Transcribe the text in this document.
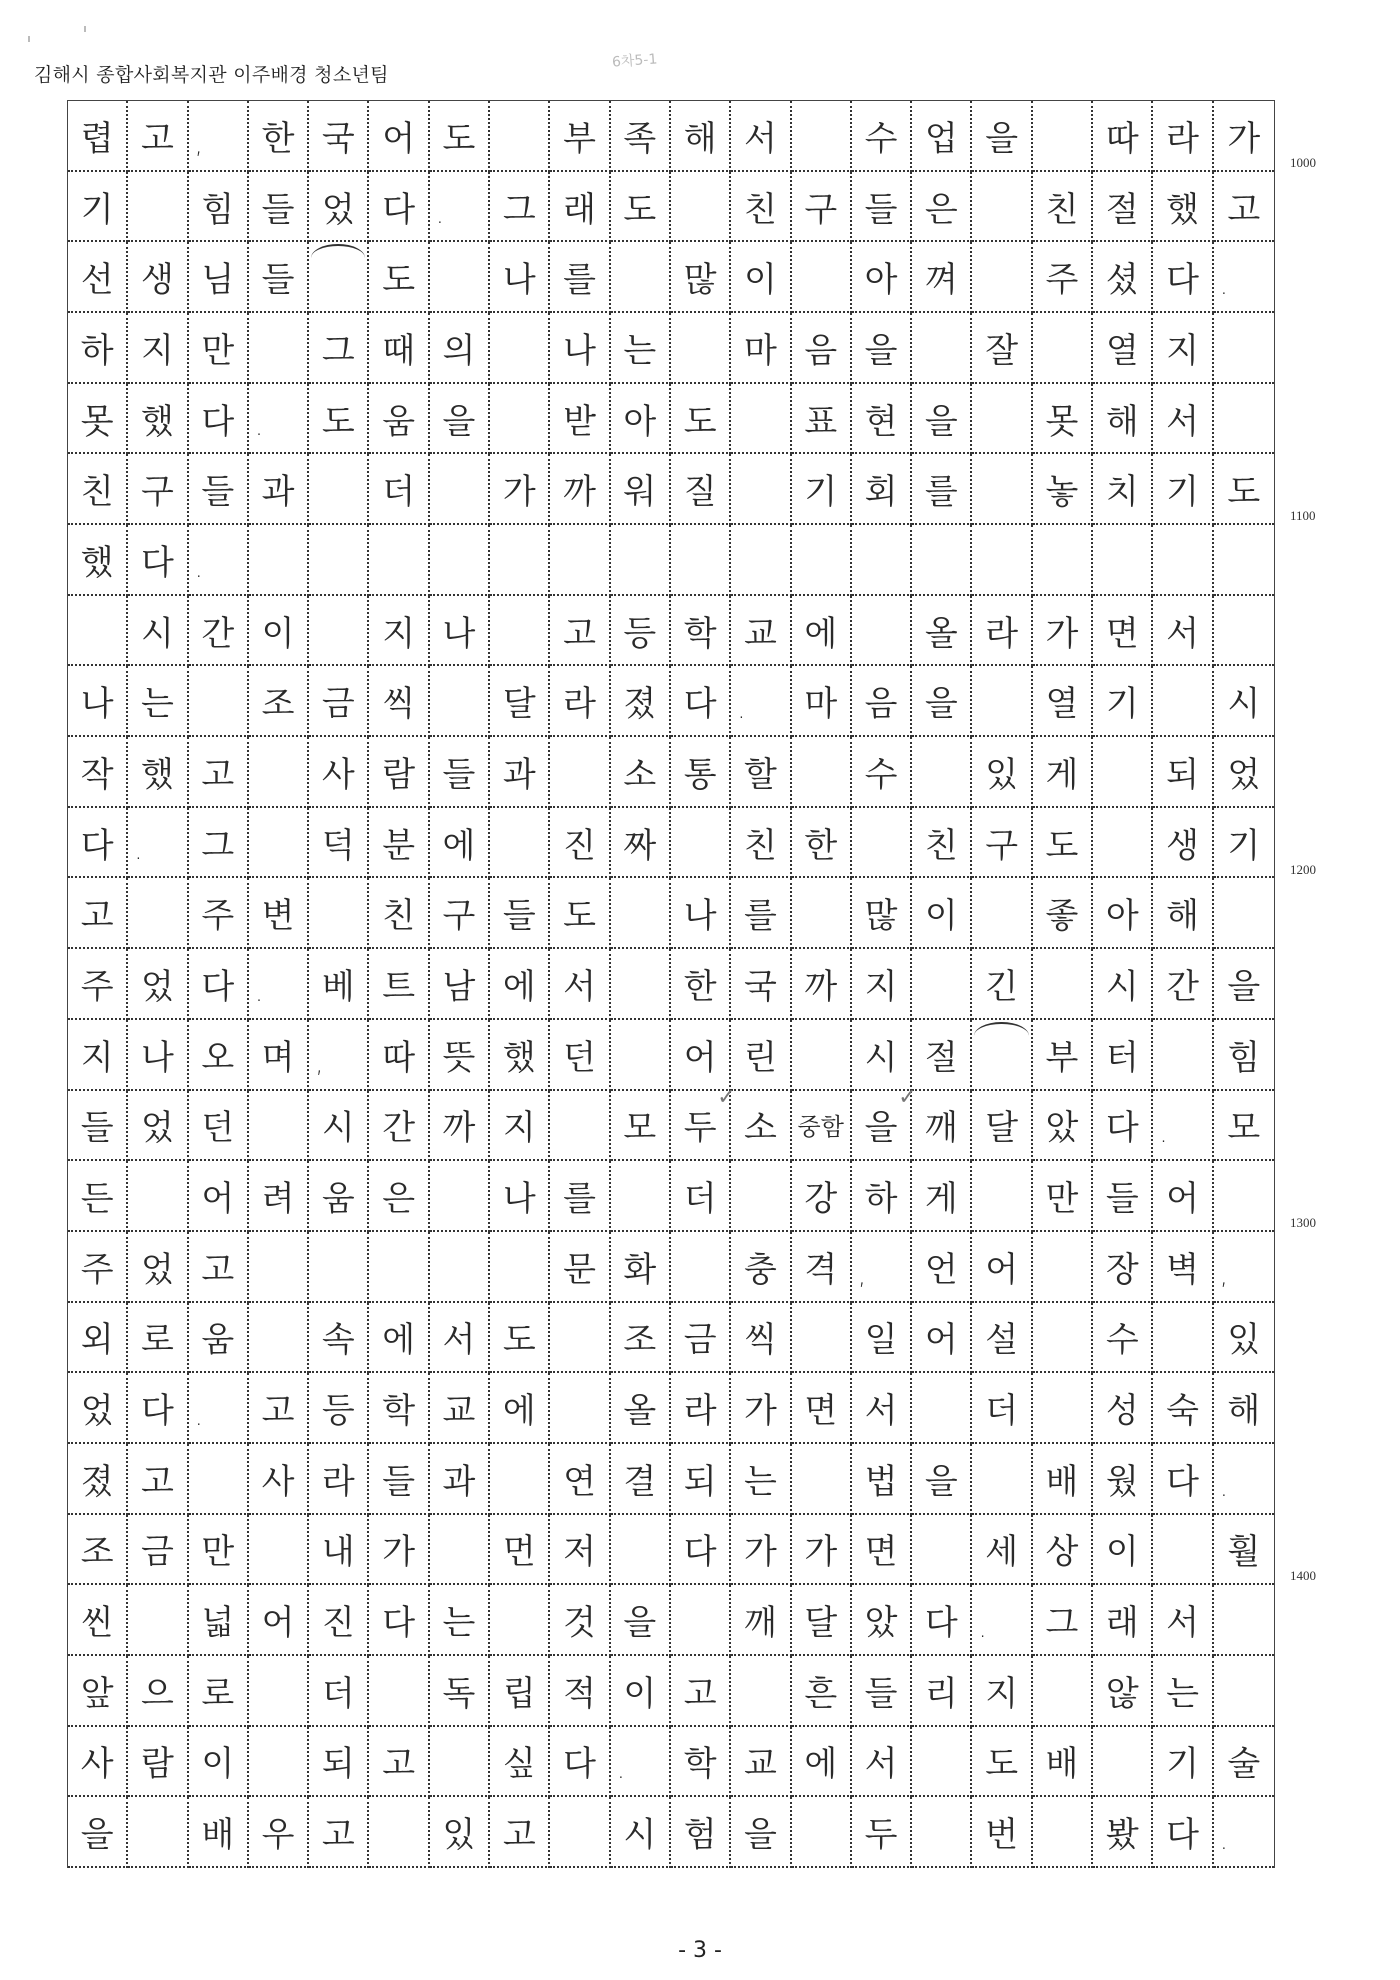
김해시 종합사회복지관 이주배경 청소년팀
6차5-1
렵 고 ,	한 국 어 도	부 족 해 서	수 업 을	따 라 가
기	힘 들 었 다 .	그 래 도	친 구 들 은	친 절 했 고
선 생 님 들	도	나 를	많 이	아 껴	주 셨 다 .
하 지 만	그 때 의	나 는	마 음 을	잘	열 지
못 했 다 .	도 움 을	받 아 도	표 현 을	못 해 서
친 구 들 과	더	가 까 워 질	기 회 를	놓 치 기 도
했 다 .
시 간 이	지 나	고 등 학 교 에	올 라 가 면 서
나 는	조 금 씩	달 라 졌 다 .	마 음 을	열 기	시
작 했 고	사 람 들 과	소 통 할	수	있 게	되 었
다 .	그	덕 분 에	진 짜	친 한	친 구 도	생 기
고	주 변	친 구 들 도	나 를	많 이	좋 아 해
주 었 다 .	베 트 남 에 서	한 국 까 지	긴	시 간 을
지 나 오 며 ,	따 뜻 했 던	어 린	시 절	부 터	힘
들 었 던	시 간 까 지	모 두 소
✓
중함 을 깨
✓
달 았 다 .	모
든	어 려 움 은	나 를	더	강 하 게	만 들 어
주 었 고	문 화	충 격 ,	언 어	장 벽 ,
외 로 움	속 에 서 도	조 금 씩	일 어 설	수	있
었 다 .	고 등 학 교 에	올 라 가 면 서	더	성 숙 해
졌 고	사 라 들 과	연 결 되 는	법 을	배 웠 다 .
조 금 만	내 가	먼 저	다 가 가 면	세 상 이	훨
씬	넓 어 진 다 는	것 을	깨 달 았 다 .	그 래 서
앞 으 로	더	독 립 적 이 고	흔 들 리 지	않 는
사 람 이	되 고	싶 다 .	학 교 에 서	도 배	기 술
을	배 우 고	있 고	시 험 을	두	번	봤 다 .
1000
1100
1200
1300
1400
- 3 -
